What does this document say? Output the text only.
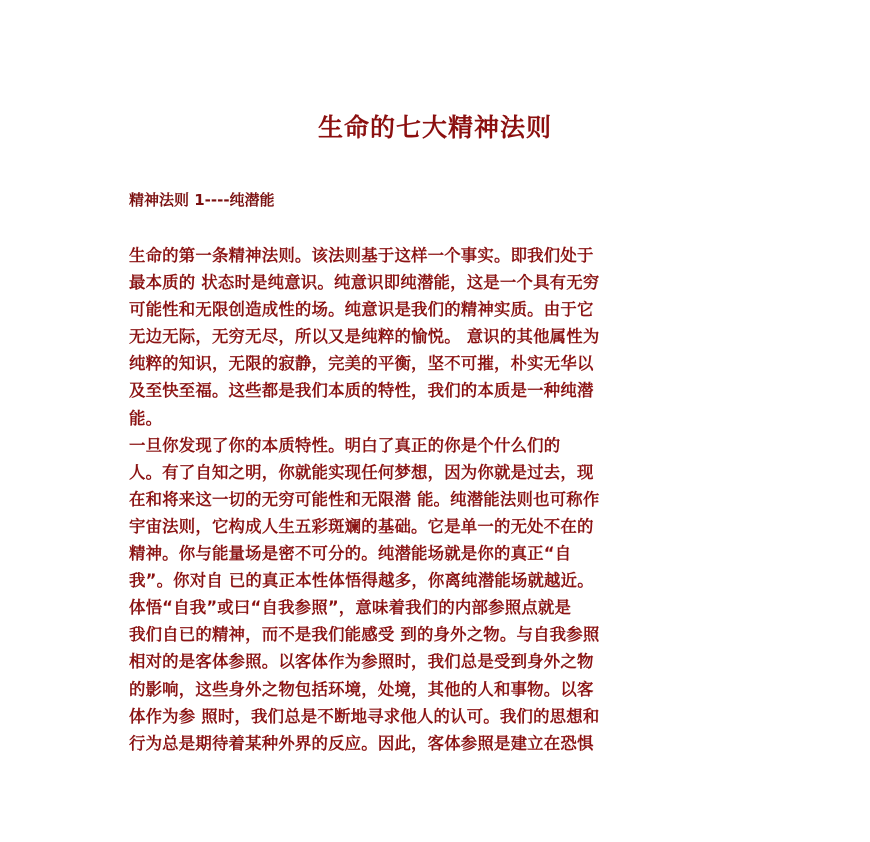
生命的七大精神法则
精神法则 1----纯潜能
生命的第一条精神法则。该法则基于这样一个事实。即我们处于
最本质的 状态时是纯意识。纯意识即纯潜能，这是一个具有无穷
可能性和无限创造成性的场。纯意识是我们的精神实质。由于它
无边无际，无穷无尽，所以又是纯粹的愉悦。 意识的其他属性为
纯粹的知识，无限的寂静，完美的平衡，坚不可摧，朴实无华以
及至快至福。这些都是我们本质的特性，我们的本质是一种纯潜
能。
一旦你发现了你的本质特性。明白了真正的你是个什么们的
人。有了自知之明，你就能实现任何梦想，因为你就是过去，现
在和将来这一切的无穷可能性和无限潜 能。纯潜能法则也可称作
宇宙法则，它构成人生五彩斑斓的基础。它是单一的无处不在的
精神。你与能量场是密不可分的。纯潜能场就是你的真正“自
我”。你对自 已的真正本性体悟得越多，你离纯潜能场就越近。
体悟“自我”或曰“自我参照”，意味着我们的内部参照点就是
我们自已的精神，而不是我们能感受 到的身外之物。与自我参照
相对的是客体参照。以客体作为参照时，我们总是受到身外之物
的影响，这些身外之物包括环境，处境，其他的人和事物。以客
体作为参 照时，我们总是不断地寻求他人的认可。我们的思想和
行为总是期待着某种外界的反应。因此，客体参照是建立在恐惧
